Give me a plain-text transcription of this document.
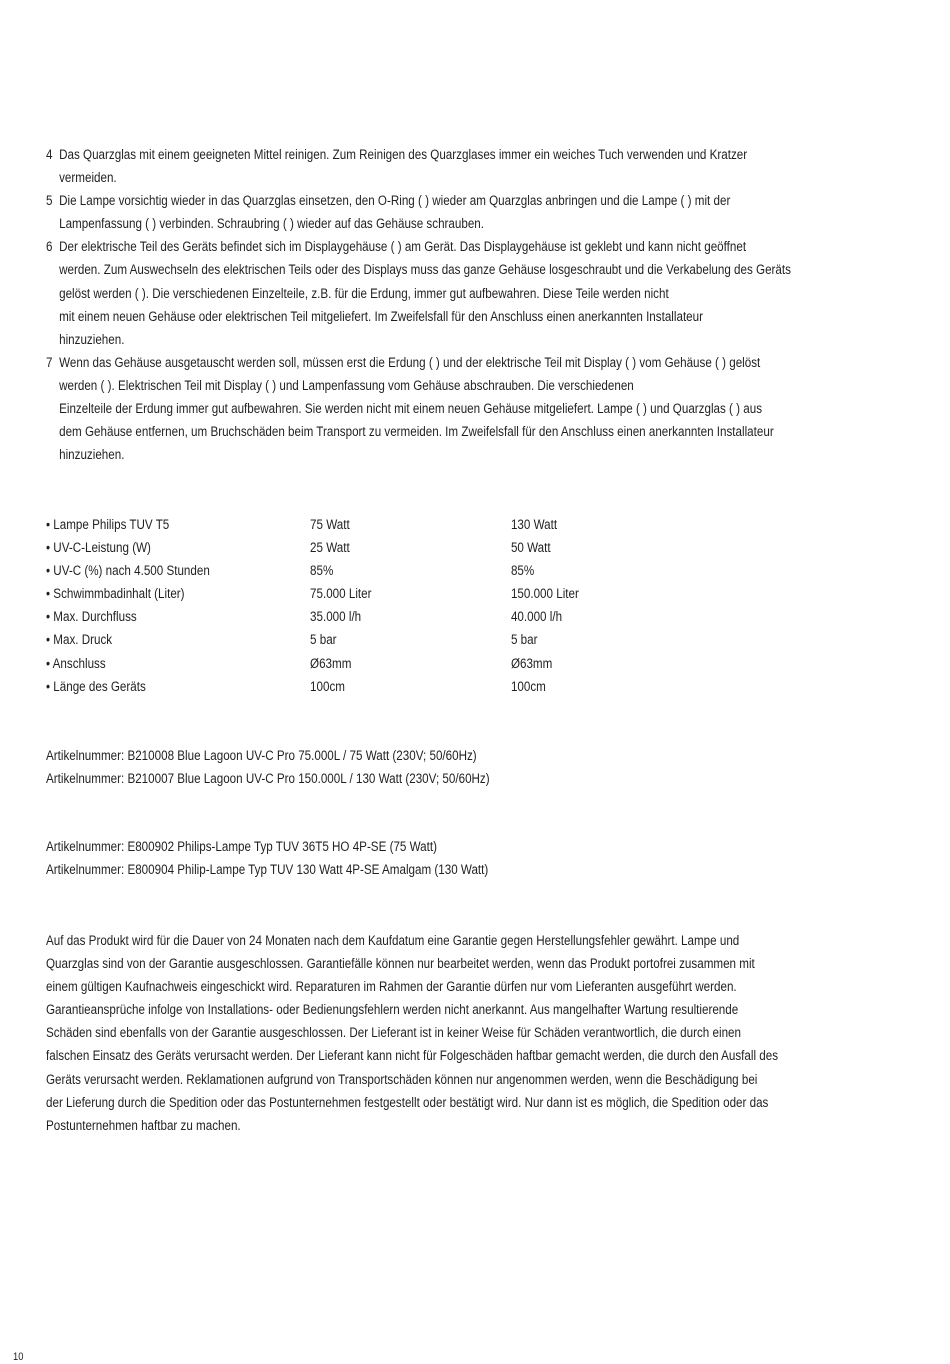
4 Das Quarzglas mit einem geeigneten Mittel reinigen. Zum Reinigen des Quarzglases immer ein weiches Tuch verwenden und Kratzer
vermeiden.
5 Die Lampe vorsichtig wieder in das Quarzglas einsetzen, den O-Ring ( ) wieder am Quarzglas anbringen und die Lampe ( ) mit der
Lampenfassung ( ) verbinden. Schraubring ( ) wieder auf das Gehäuse schrauben.
6 Der elektrische Teil des Geräts befindet sich im Displaygehäuse ( ) am Gerät. Das Displaygehäuse ist geklebt und kann nicht geöffnet
werden. Zum Auswechseln des elektrischen Teils oder des Displays muss das ganze Gehäuse losgeschraubt und die Verkabelung des Geräts
gelöst werden ( ). Die verschiedenen Einzelteile, z.B. für die Erdung, immer gut aufbewahren. Diese Teile werden nicht
mit einem neuen Gehäuse oder elektrischen Teil mitgeliefert. Im Zweifelsfall für den Anschluss einen anerkannten Installateur
hinzuziehen.
7 Wenn das Gehäuse ausgetauscht werden soll, müssen erst die Erdung ( ) und der elektrische Teil mit Display ( ) vom Gehäuse ( ) gelöst
werden ( ). Elektrischen Teil mit Display ( ) und Lampenfassung vom Gehäuse abschrauben. Die verschiedenen
Einzelteile der Erdung immer gut aufbewahren. Sie werden nicht mit einem neuen Gehäuse mitgeliefert. Lampe ( ) und Quarzglas ( ) aus
dem Gehäuse entfernen, um Bruchschäden beim Transport zu vermeiden. Im Zweifelsfall für den Anschluss einen anerkannten Installateur
hinzuziehen.
• Lampe Philips TUV T5	75 Watt	130 Watt
• UV-C-Leistung (W)	25 Watt	50 Watt
• UV-C (%) nach 4.500 Stunden	85%	85%
• Schwimmbadinhalt (Liter)	75.000 Liter	150.000 Liter
• Max. Durchfluss	35.000 l/h	40.000 l/h
• Max. Druck	5 bar	5 bar
• Anschluss	Ø63mm	Ø63mm
• Länge des Geräts	100cm	100cm
Artikelnummer: B210008 Blue Lagoon UV-C Pro 75.000L / 75 Watt (230V; 50/60Hz)
Artikelnummer: B210007 Blue Lagoon UV-C Pro 150.000L / 130 Watt (230V; 50/60Hz)
Artikelnummer: E800902 Philips-Lampe Typ TUV 36T5 HO 4P-SE (75 Watt)
Artikelnummer: E800904 Philip-Lampe Typ TUV 130 Watt 4P-SE Amalgam (130 Watt)
Auf das Produkt wird für die Dauer von 24 Monaten nach dem Kaufdatum eine Garantie gegen Herstellungsfehler gewährt. Lampe und
Quarzglas sind von der Garantie ausgeschlossen. Garantiefälle können nur bearbeitet werden, wenn das Produkt portofrei zusammen mit
einem gültigen Kaufnachweis eingeschickt wird. Reparaturen im Rahmen der Garantie dürfen nur vom Lieferanten ausgeführt werden.
Garantieansprüche infolge von Installations- oder Bedienungsfehlern werden nicht anerkannt. Aus mangelhafter Wartung resultierende
Schäden sind ebenfalls von der Garantie ausgeschlossen. Der Lieferant ist in keiner Weise für Schäden verantwortlich, die durch einen
falschen Einsatz des Geräts verursacht werden. Der Lieferant kann nicht für Folgeschäden haftbar gemacht werden, die durch den Ausfall des
Geräts verursacht werden. Reklamationen aufgrund von Transportschäden können nur angenommen werden, wenn die Beschädigung bei
der Lieferung durch die Spedition oder das Postunternehmen festgestellt oder bestätigt wird. Nur dann ist es möglich, die Spedition oder das
Postunternehmen haftbar zu machen.
10
